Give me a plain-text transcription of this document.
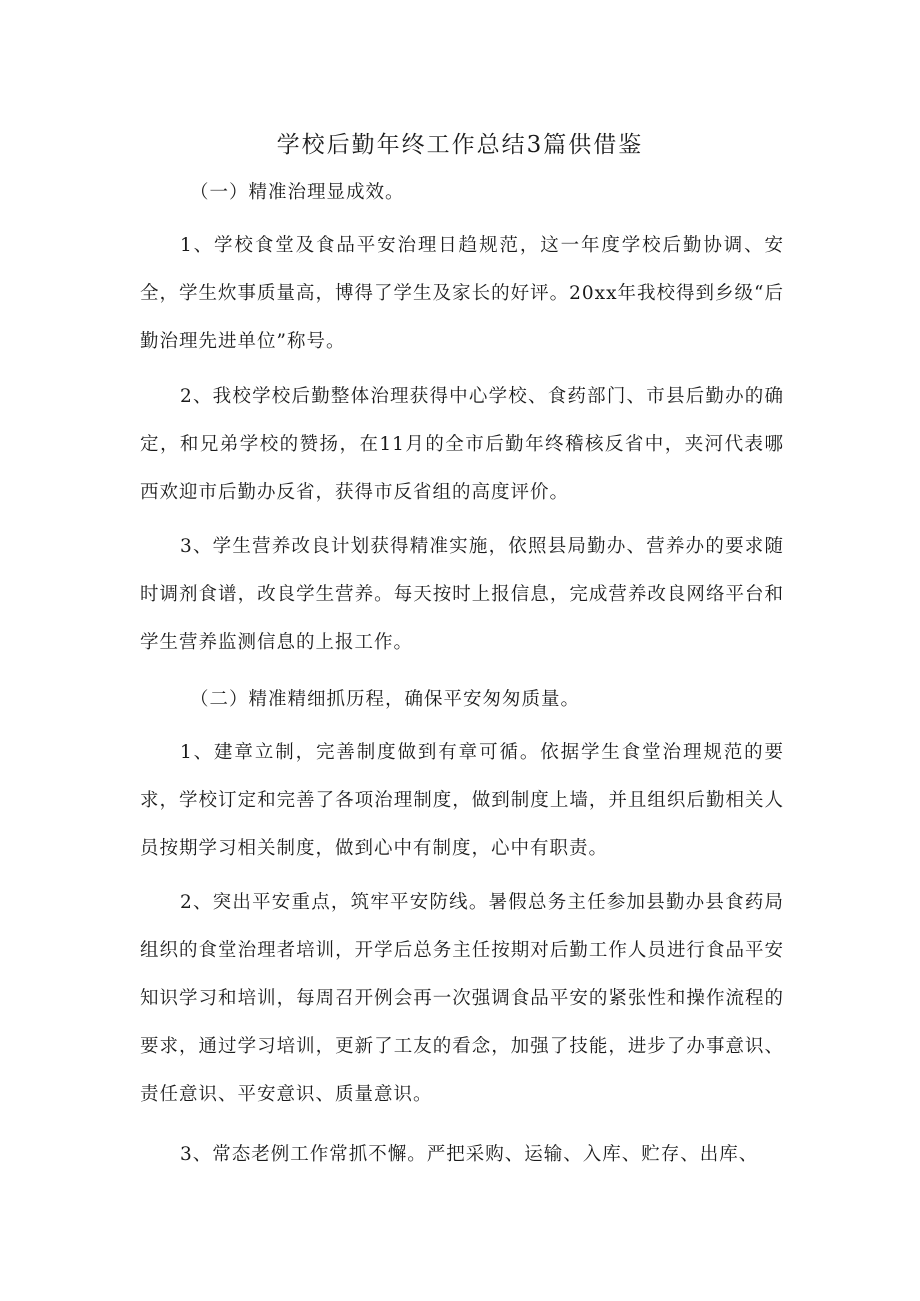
学校后勤年终工作总结3篇供借鉴

（一）精准治理显成效。

1、学校食堂及食品平安治理日趋规范，这一年度学校后勤协调、安全，学生炊事质量高，博得了学生及家长的好评。20xx年我校得到乡级“后勤治理先进单位”称号。

2、我校学校后勤整体治理获得中心学校、食药部门、市县后勤办的确定，和兄弟学校的赞扬，在11月的全市后勤年终稽核反省中，夹河代表哪西欢迎市后勤办反省，获得市反省组的高度评价。

3、学生营养改良计划获得精准实施，依照县局勤办、营养办的要求随时调剂食谱，改良学生营养。每天按时上报信息，完成营养改良网络平台和学生营养监测信息的上报工作。

（二）精准精细抓历程，确保平安匆匆质量。

1、建章立制，完善制度做到有章可循。依据学生食堂治理规范的要求，学校订定和完善了各项治理制度，做到制度上墙，并且组织后勤相关人员按期学习相关制度，做到心中有制度，心中有职责。

2、突出平安重点，筑牢平安防线。暑假总务主任参加县勤办县食药局组织的食堂治理者培训，开学后总务主任按期对后勤工作人员进行食品平安知识学习和培训，每周召开例会再一次强调食品平安的紧张性和操作流程的要求，通过学习培训，更新了工友的看念，加强了技能，进步了办事意识、责任意识、平安意识、质量意识。

3、常态老例工作常抓不懈。严把采购、运输、入库、贮存、出库、
